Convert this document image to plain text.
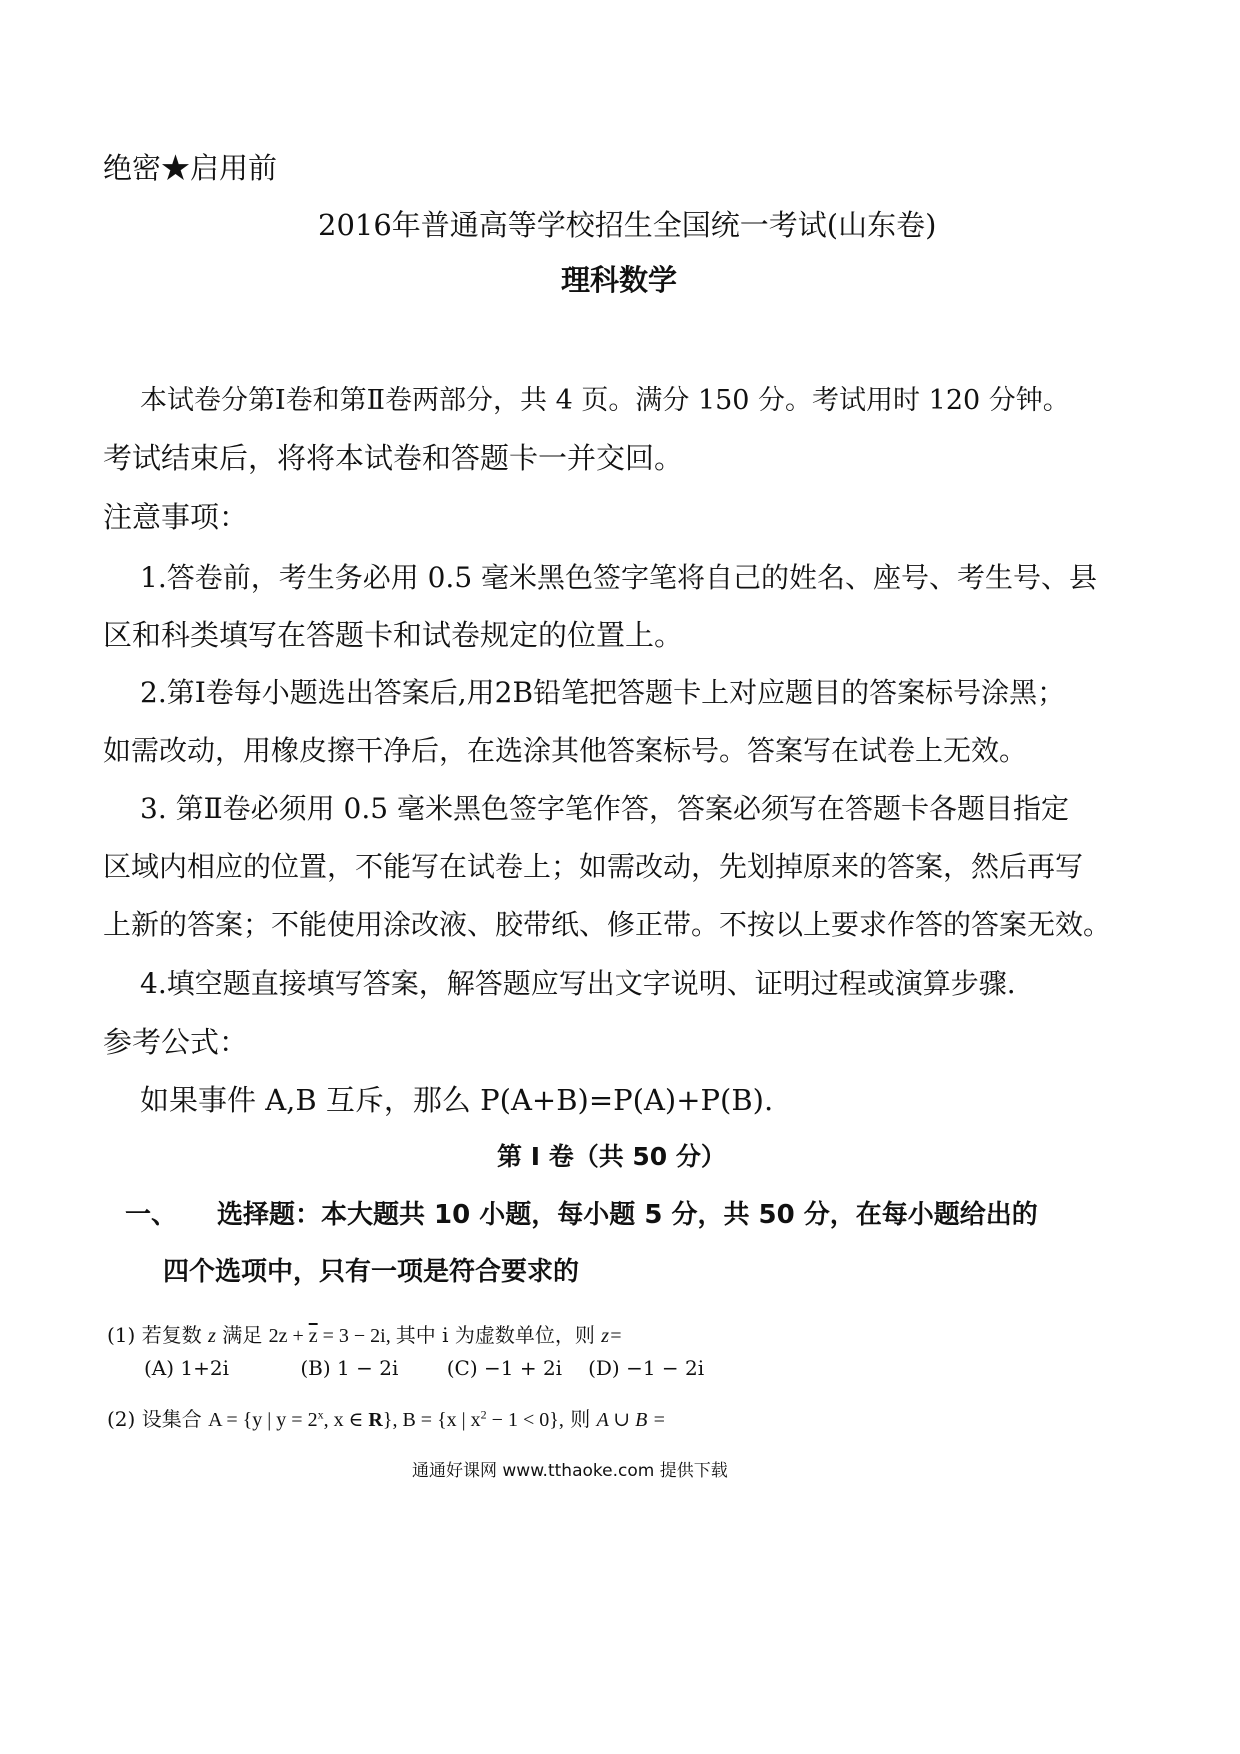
绝密★启用前
2016年普通高等学校招生全国统一考试(山东卷)
理科数学
本试卷分第Ⅰ卷和第Ⅱ卷两部分，共 4 页。满分 150 分。考试用时 120 分钟。
考试结束后，将将本试卷和答题卡一并交回。
注意事项：
1.答卷前，考生务必用 0.5 毫米黑色签字笔将自己的姓名、座号、考生号、县
区和科类填写在答题卡和试卷规定的位置上。
2.第Ⅰ卷每小题选出答案后,用2B铅笔把答题卡上对应题目的答案标号涂黑；
如需改动，用橡皮擦干净后，在选涂其他答案标号。答案写在试卷上无效。
3. 第Ⅱ卷必须用 0.5 毫米黑色签字笔作答，答案必须写在答题卡各题目指定
区域内相应的位置，不能写在试卷上；如需改动，先划掉原来的答案，然后再写
上新的答案；不能使用涂改液、胶带纸、修正带。不按以上要求作答的答案无效。
4.填空题直接填写答案，解答题应写出文字说明、证明过程或演算步骤.
参考公式：
如果事件 A,B 互斥，那么 P(A+B)=P(A)+P(B).
第 I 卷（共 50 分）
一、 选择题：本大题共 10 小题，每小题 5 分，共 50 分，在每小题给出的
四个选项中，只有一项是符合要求的
(1) 若复数 z 满足 $2z + \overline{z} = 3 - 2i$, 其中 i 为虚数单位，则 z=
(A) 1+2i	(B) 1 − 2i (C) −1 + 2i (D) −1 − 2i
(2) 设集合 A = {y | $y = 2^x$, x ∈ R}, B = {x | $x^2 - 1 < 0$}, 则 A ∪ B =
通通好课网 www.tthaoke.com 提供下载
